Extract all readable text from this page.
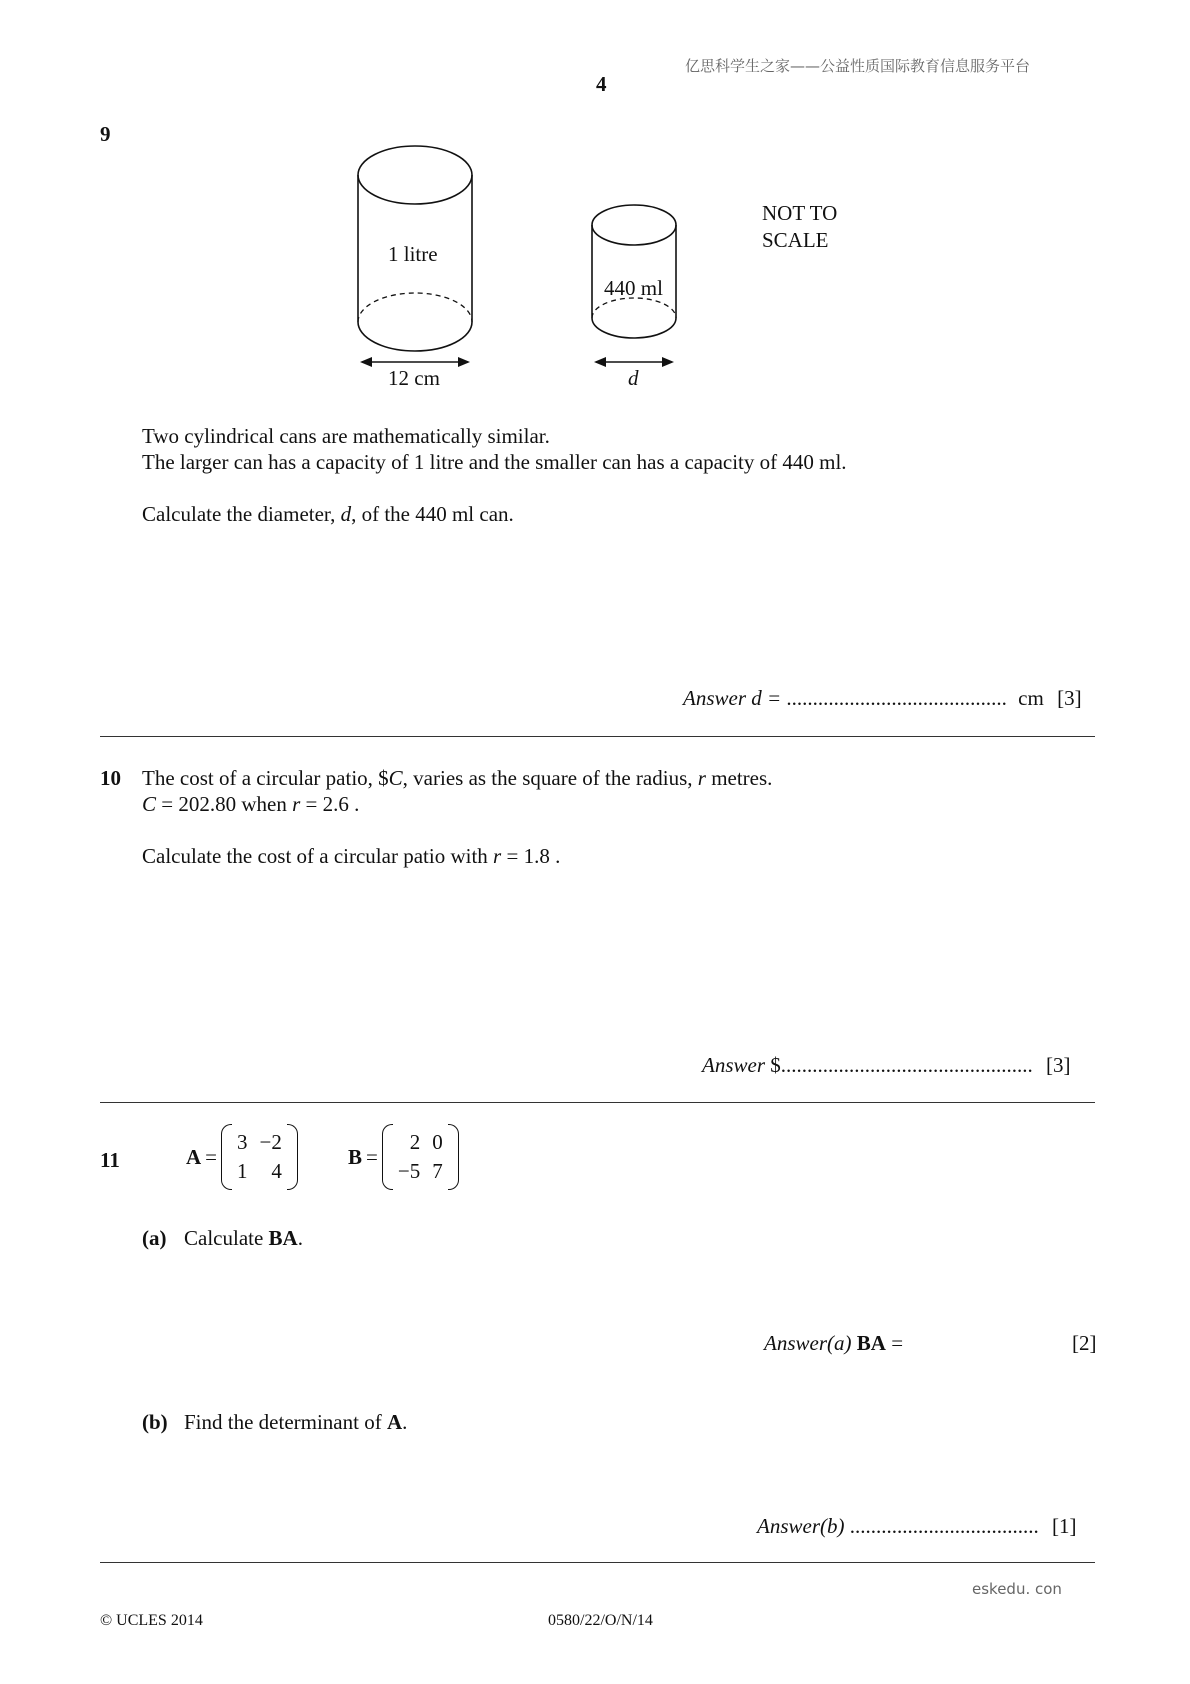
亿思科学生之家——公益性质国际教育信息服务平台
4
9
1 litre
12 cm
440 ml
d
NOT TO
SCALE
Two cylindrical cans are mathematically similar.
The larger can has a capacity of 1 litre and the smaller can has a capacity of 440 ml.
Calculate the diameter, d, of the 440 ml can.
Answer d = .......................................... cm [3]
10 The cost of a circular patio, $C, varies as the square of the radius, r metres.
C = 202.80 when r = 2.6 .
Calculate the cost of a circular patio with r = 1.8 .
Answer $................................................ [3]
11	A =
3	−2
1	4
B =
2	0
−5	7
(a) Calculate BA.
Answer(a) BA =	[2]
(b) Find the determinant of A.
Answer(b) .................................... [1]
eskedu. con
© UCLES 2014	0580/22/O/N/14
